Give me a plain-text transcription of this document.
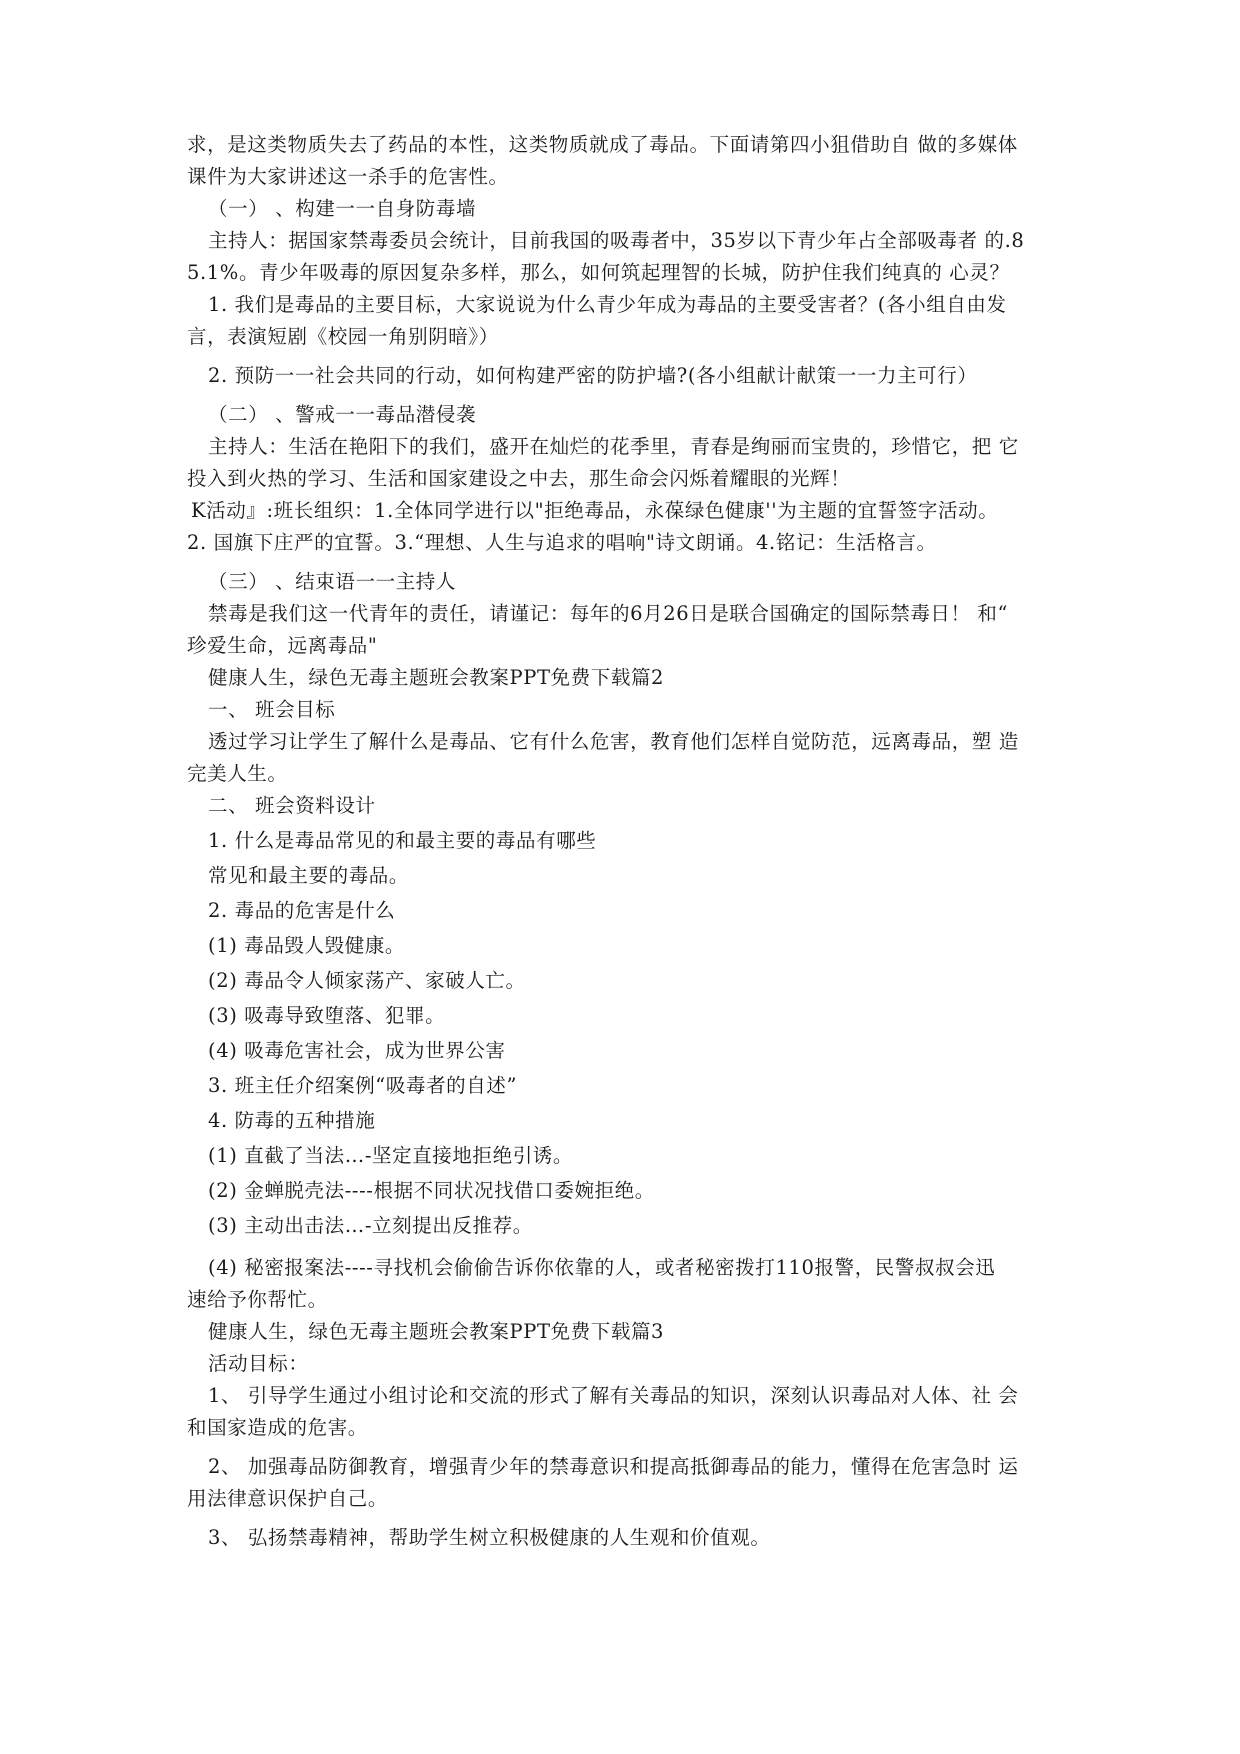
求，是这类物质失去了药品的本性，这类物质就成了毒品。下面请第四小狙借助自 做的多媒体
课件为大家讲述这一杀手的危害性。
（一） 、构建一一自身防毒墙
主持人：据国家禁毒委员会统计，目前我国的吸毒者中，35岁以下青少年占全部吸毒者 的.8
5.1%。青少年吸毒的原因复杂多样，那么，如何筑起理智的长城，防护住我们纯真的 心灵？
1. 我们是毒品的主要目标，大家说说为什么青少年成为毒品的主要受害者？(各小组自由发
言，表演短剧《校园一角别阴暗》）
2. 预防一一社会共同的行动，如何构建严密的防护墙?(各小组献计献策一一力主可行）
（二） 、警戒一一毒品潜侵袭
主持人：生活在艳阳下的我们，盛开在灿烂的花季里，青春是绚丽而宝贵的，珍惜它，把 它
投入到火热的学习、生活和国家建设之中去，那生命会闪烁着耀眼的光辉！
K活动』:班长组织：1.全体同学进行以"拒绝毒品，永葆绿色健康''为主题的宜誓签字活动。
2. 国旗下庄严的宜誓。3.“理想、人生与追求的唱响"诗文朗诵。4.铭记：生活格言。
（三） 、结束语一一主持人
禁毒是我们这一代青年的责任，请谨记：每年的6月26日是联合国确定的国际禁毒日！ 和“
珍爱生命，远离毒品"
健康人生，绿色无毒主题班会教案PPT免费下载篇2
一、 班会目标
透过学习让学生了解什么是毒品、它有什么危害，教育他们怎样自觉防范，远离毒品，塑 造
完美人生。
二、 班会资料设计
1. 什么是毒品常见的和最主要的毒品有哪些
常见和最主要的毒品。
2. 毒品的危害是什么
(1) 毒品毁人毁健康。
(2) 毒品令人倾家荡产、家破人亡。
(3) 吸毒导致堕落、犯罪。
(4) 吸毒危害社会，成为世界公害
3. 班主任介绍案例“吸毒者的自述”
4. 防毒的五种措施
(1) 直截了当法…-坚定直接地拒绝引诱。
(2) 金蝉脱壳法----根据不同状况找借口委婉拒绝。
(3) 主动出击法…-立刻提出反推荐。
(4) 秘密报案法----寻找机会偷偷告诉你依靠的人，或者秘密拨打110报警，民警叔叔会迅
速给予你帮忙。
健康人生，绿色无毒主题班会教案PPT免费下载篇3
活动目标：
1、 引导学生通过小组讨论和交流的形式了解有关毒品的知识，深刻认识毒品对人体、社 会
和国家造成的危害。
2、 加强毒品防御教育，增强青少年的禁毒意识和提高抵御毒品的能力，懂得在危害急时 运
用法律意识保护自己。
3、 弘扬禁毒精神，帮助学生树立积极健康的人生观和价值观。
